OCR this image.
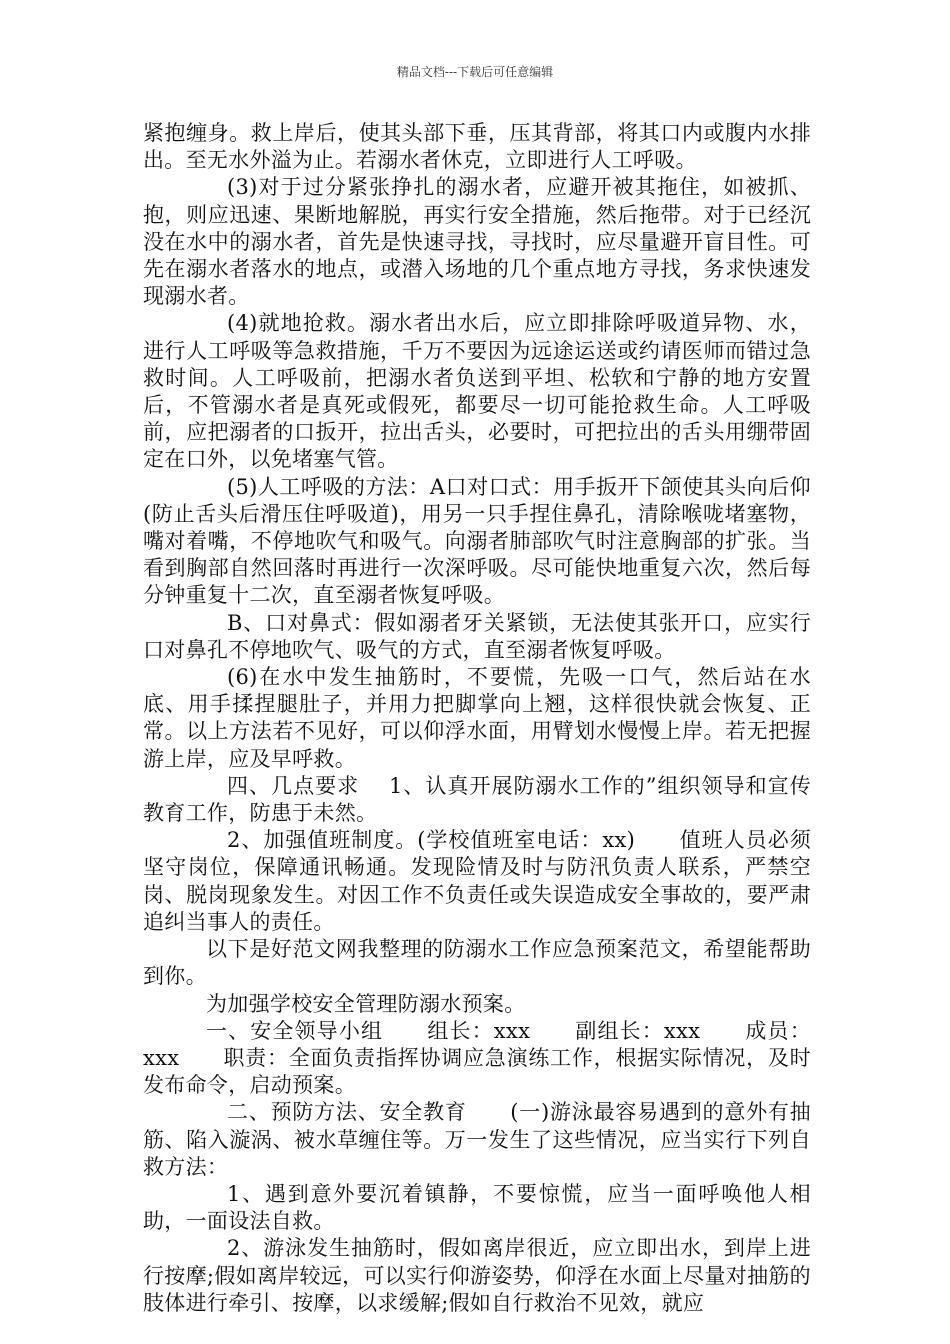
精品文档---下载后可任意编辑

紧抱缠身。救上岸后，使其头部下垂，压其背部，将其口内或腹内水排出。至无水外溢为止。若溺水者休克，立即进行人工呼吸。

(3)对于过分紧张挣扎的溺水者，应避开被其拖住，如被抓、抱，则应迅速、果断地解脱，再实行安全措施，然后拖带。对于已经沉没在水中的溺水者，首先是快速寻找，寻找时，应尽量避开盲目性。可先在溺水者落水的地点，或潜入场地的几个重点地方寻找，务求快速发现溺水者。

(4)就地抢救。溺水者出水后，应立即排除呼吸道异物、水，进行人工呼吸等急救措施，千万不要因为远途运送或约请医师而错过急救时间。人工呼吸前，把溺水者负送到平坦、松软和宁静的地方安置后，不管溺水者是真死或假死，都要尽一切可能抢救生命。人工呼吸前，应把溺者的口扳开，拉出舌头，必要时，可把拉出的舌头用绷带固定在口外，以免堵塞气管。

(5)人工呼吸的方法：A口对口式：用手扳开下颌使其头向后仰(防止舌头后滑压住呼吸道)，用另一只手捏住鼻孔，清除喉咙堵塞物，嘴对着嘴，不停地吹气和吸气。向溺者肺部吹气时注意胸部的扩张。当看到胸部自然回落时再进行一次深呼吸。尽可能快地重复六次，然后每分钟重复十二次，直至溺者恢复呼吸。

B、口对鼻式：假如溺者牙关紧锁，无法使其张开口，应实行口对鼻孔不停地吹气、吸气的方式，直至溺者恢复呼吸。

(6)在水中发生抽筋时，不要慌，先吸一口气，然后站在水底、用手揉捏腿肚子，并用力把脚掌向上翘，这样很快就会恢复、正常。以上方法若不见好，可以仰浮水面，用臂划水慢慢上岸。若无把握游上岸，应及早呼救。

四、几点要求　 1、认真开展防溺水工作的”组织领导和宣传教育工作，防患于未然。

2、加强值班制度。(学校值班室电话：xx)　　值班人员必须坚守岗位，保障通讯畅通。发现险情及时与防汛负责人联系，严禁空岗、脱岗现象发生。对因工作不负责任或失误造成安全事故的，要严肃追纠当事人的责任。

以下是好范文网我整理的防溺水工作应急预案范文，希望能帮助到你。

为加强学校安全管理防溺水预案。

一、安全领导小组　　组长：xxx　　副组长：xxx　　成员：xxx　　职责：全面负责指挥协调应急演练工作，根据实际情况，及时发布命令，启动预案。

二、预防方法、安全教育　　(一)游泳最容易遇到的意外有抽筋、陷入漩涡、被水草缠住等。万一发生了这些情况，应当实行下列自救方法：

1、遇到意外要沉着镇静，不要惊慌，应当一面呼唤他人相助，一面设法自救。

2、游泳发生抽筋时，假如离岸很近，应立即出水，到岸上进行按摩;假如离岸较远，可以实行仰游姿势，仰浮在水面上尽量对抽筋的肢体进行牵引、按摩，以求缓解;假如自行救治不见效，就应
